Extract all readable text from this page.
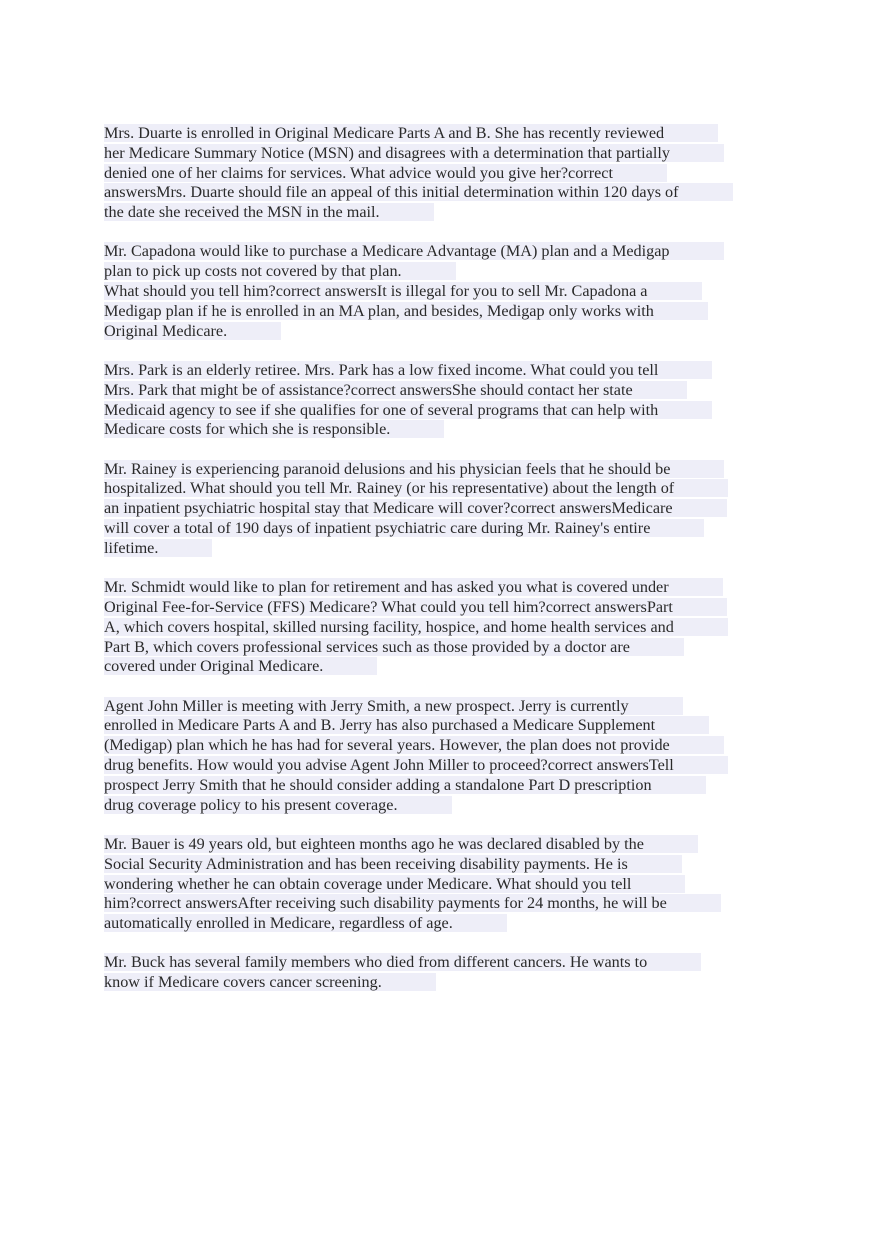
Mrs. Duarte is enrolled in Original Medicare Parts A and B. She has recently reviewed
her Medicare Summary Notice (MSN) and disagrees with a determination that partially
denied one of her claims for services. What advice would you give her?correct
answersMrs. Duarte should file an appeal of this initial determination within 120 days of
the date she received the MSN in the mail.
Mr. Capadona would like to purchase a Medicare Advantage (MA) plan and a Medigap
plan to pick up costs not covered by that plan.
What should you tell him?correct answersIt is illegal for you to sell Mr. Capadona a
Medigap plan if he is enrolled in an MA plan, and besides, Medigap only works with
Original Medicare.
Mrs. Park is an elderly retiree. Mrs. Park has a low fixed income. What could you tell
Mrs. Park that might be of assistance?correct answersShe should contact her state
Medicaid agency to see if she qualifies for one of several programs that can help with
Medicare costs for which she is responsible.
Mr. Rainey is experiencing paranoid delusions and his physician feels that he should be
hospitalized. What should you tell Mr. Rainey (or his representative) about the length of
an inpatient psychiatric hospital stay that Medicare will cover?correct answersMedicare
will cover a total of 190 days of inpatient psychiatric care during Mr. Rainey's entire
lifetime.
Mr. Schmidt would like to plan for retirement and has asked you what is covered under
Original Fee-for-Service (FFS) Medicare? What could you tell him?correct answersPart
A, which covers hospital, skilled nursing facility, hospice, and home health services and
Part B, which covers professional services such as those provided by a doctor are
covered under Original Medicare.
Agent John Miller is meeting with Jerry Smith, a new prospect. Jerry is currently
enrolled in Medicare Parts A and B. Jerry has also purchased a Medicare Supplement
(Medigap) plan which he has had for several years. However, the plan does not provide
drug benefits. How would you advise Agent John Miller to proceed?correct answersTell
prospect Jerry Smith that he should consider adding a standalone Part D prescription
drug coverage policy to his present coverage.
Mr. Bauer is 49 years old, but eighteen months ago he was declared disabled by the
Social Security Administration and has been receiving disability payments. He is
wondering whether he can obtain coverage under Medicare. What should you tell
him?correct answersAfter receiving such disability payments for 24 months, he will be
automatically enrolled in Medicare, regardless of age.
Mr. Buck has several family members who died from different cancers. He wants to
know if Medicare covers cancer screening.
